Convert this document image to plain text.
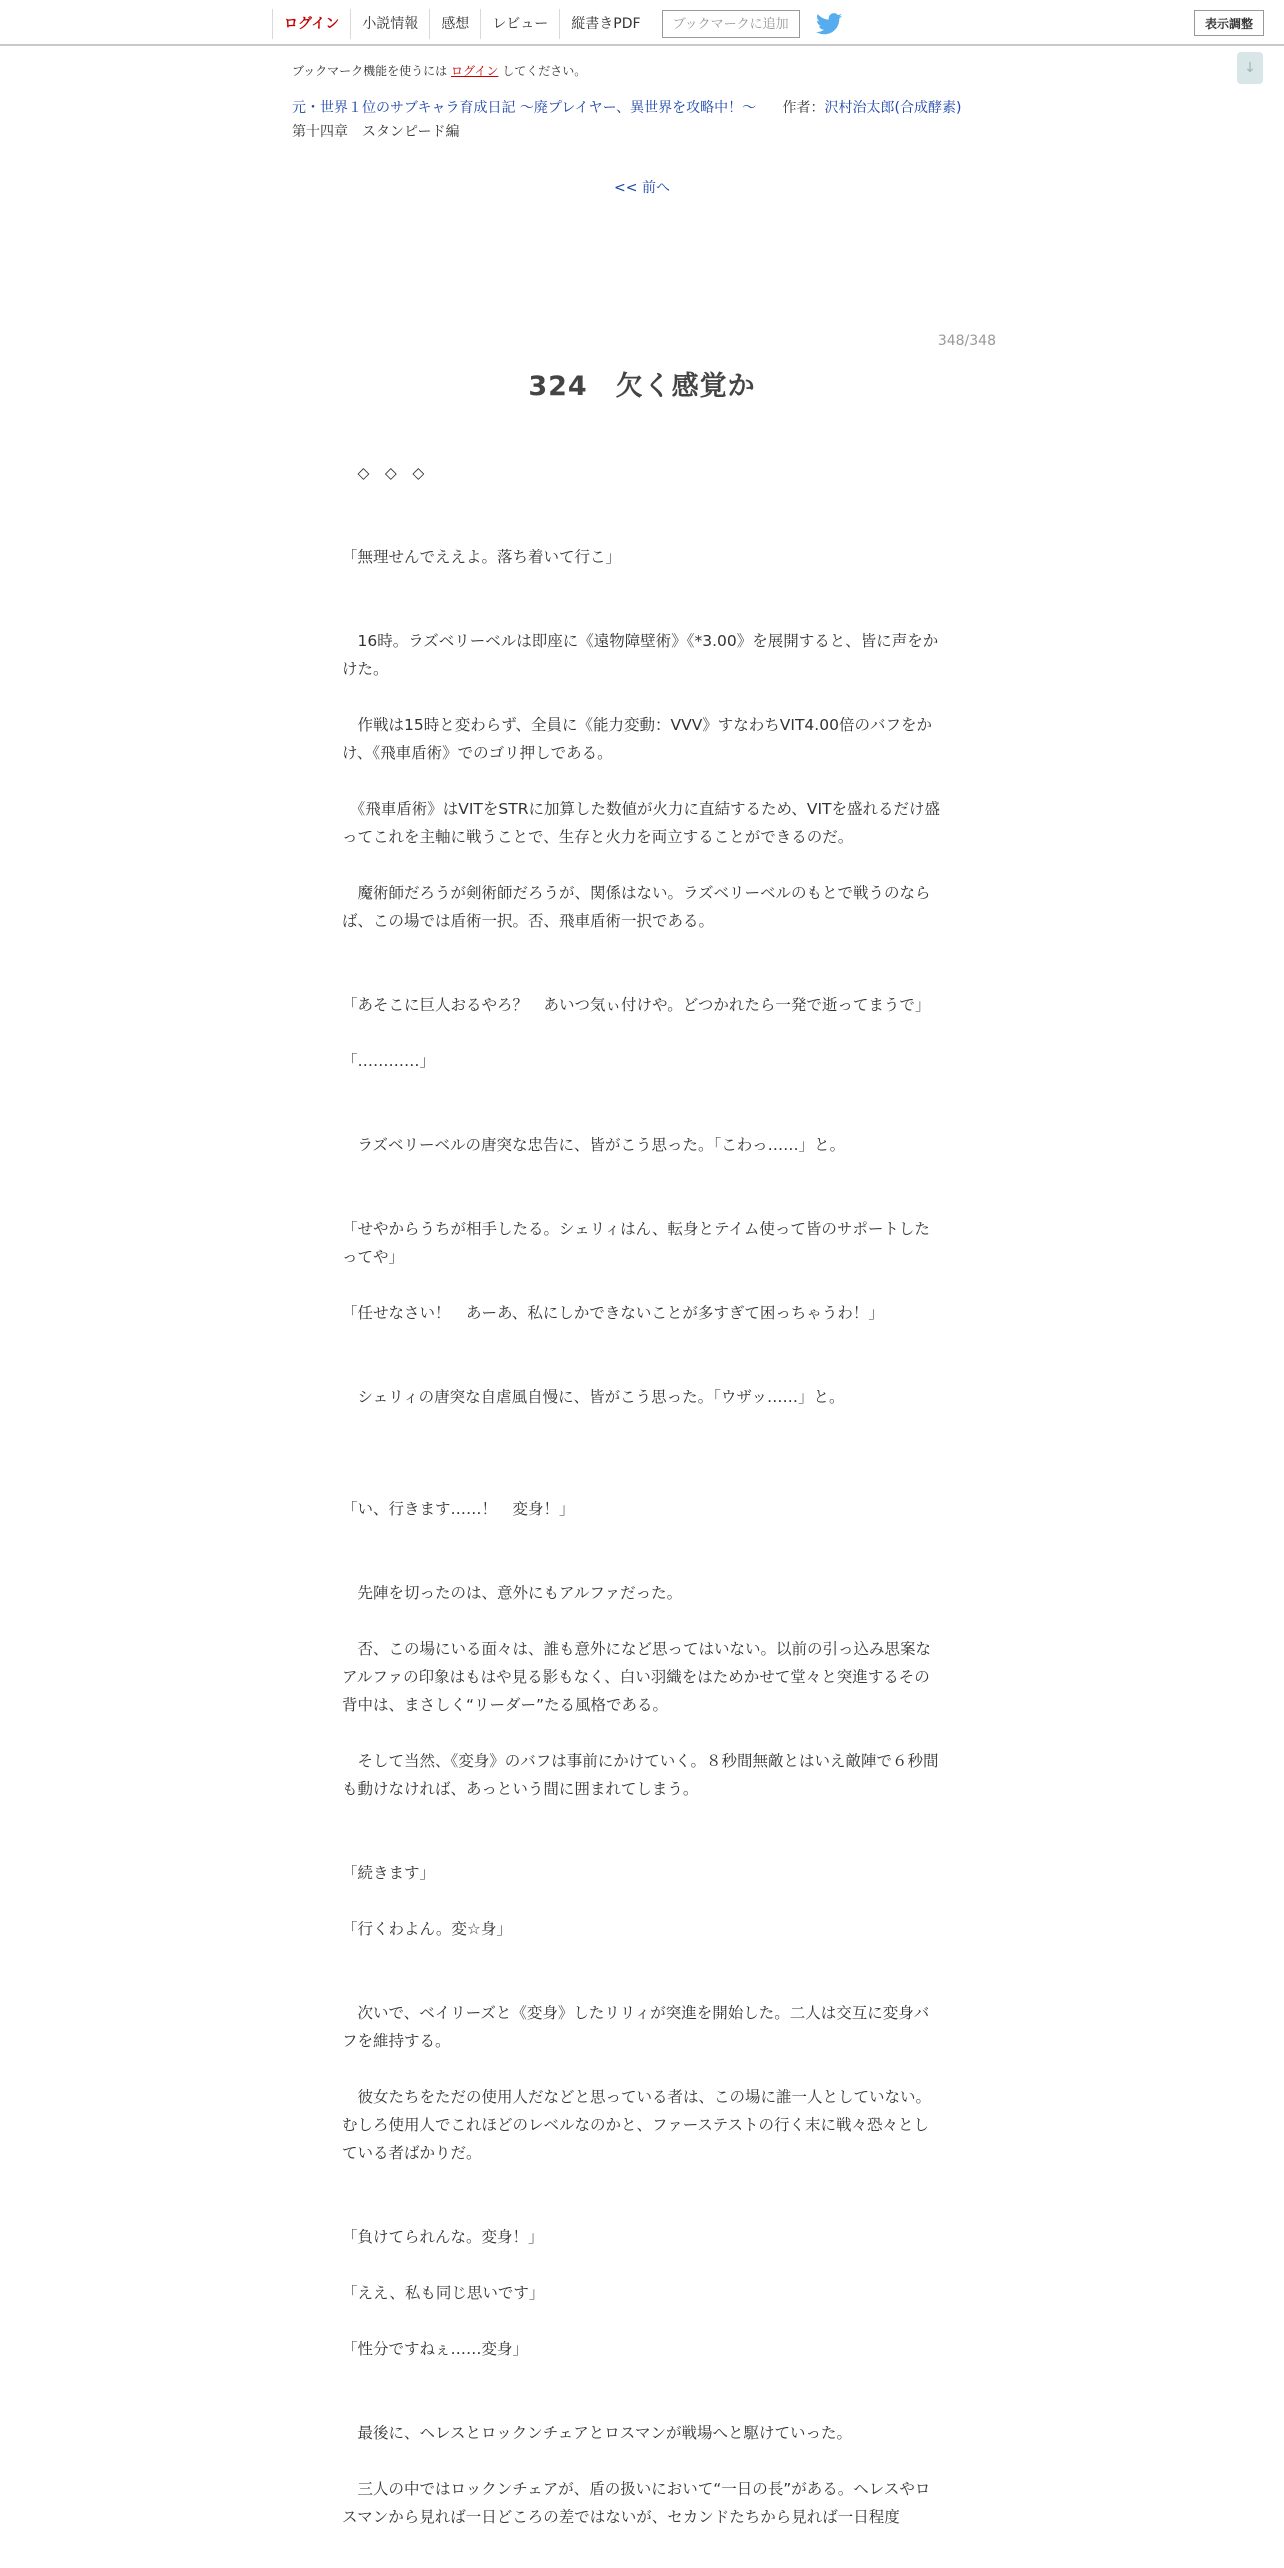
ログイン	小説情報	感想	レビュー	縦書きPDF	ブックマークに追加	表示調整
↓
ブックマーク機能を使うには ログイン してください。
元・世界１位のサブキャラ育成日記 ～廃プレイヤー、異世界を攻略中！～ 作者：沢村治太郎(合成酵素)
第十四章　スタンピード編
<< 前へ
348/348
324　欠く感覚か

　◇　◇　◇

「無理せんでええよ。落ち着いて行こ」

　16時。ラズベリーベルは即座に《遠物障壁術》《*3.00》を展開すると、皆に声をかけた。

　作戦は15時と変わらず、全員に《能力変動：VVV》すなわちVIT4.00倍のバフをかけ、《飛車盾術》でのゴリ押しである。

　《飛車盾術》はVITをSTRに加算した数値が火力に直結するため、VITを盛れるだけ盛ってこれを主軸に戦うことで、生存と火力を両立することができるのだ。

　魔術師だろうが剣術師だろうが、関係はない。ラズベリーベルのもとで戦うのならば、この場では盾術一択。否、飛車盾術一択である。

「あそこに巨人おるやろ？　あいつ気ぃ付けや。どつかれたら一発で逝ってまうで」

「…………」

　ラズベリーベルの唐突な忠告に、皆がこう思った。「こわっ……」と。

「せやからうちが相手したる。シェリィはん、転身とテイム使って皆のサポートしたってや」

「任せなさい！　あーあ、私にしかできないことが多すぎて困っちゃうわ！」

　シェリィの唐突な自虐風自慢に、皆がこう思った。「ウザッ……」と。

「い、行きます……！　変身！」

　先陣を切ったのは、意外にもアルファだった。

　否、この場にいる面々は、誰も意外になど思ってはいない。以前の引っ込み思案なアルファの印象はもはや見る影もなく、白い羽織をはためかせて堂々と突進するその背中は、まさしく“リーダー”たる風格である。

　そして当然、《変身》のバフは事前にかけていく。８秒間無敵とはいえ敵陣で６秒間も動けなければ、あっという間に囲まれてしまう。

「続きます」

「行くわよん。変☆身」

　次いで、ベイリーズと《変身》したリリィが突進を開始した。二人は交互に変身バフを維持する。

　彼女たちをただの使用人だなどと思っている者は、この場に誰一人としていない。むしろ使用人でこれほどのレベルなのかと、ファーステストの行く末に戦々恐々としている者ばかりだ。

「負けてられんな。変身！」

「ええ、私も同じ思いです」

「性分ですねぇ……変身」

　最後に、ヘレスとロックンチェアとロスマンが戦場へと駆けていった。

　三人の中ではロックンチェアが、盾の扱いにおいて“一日の長”がある。ヘレスやロスマンから見れば一日どころの差ではないが、セカンドたちから見れば一日程度
